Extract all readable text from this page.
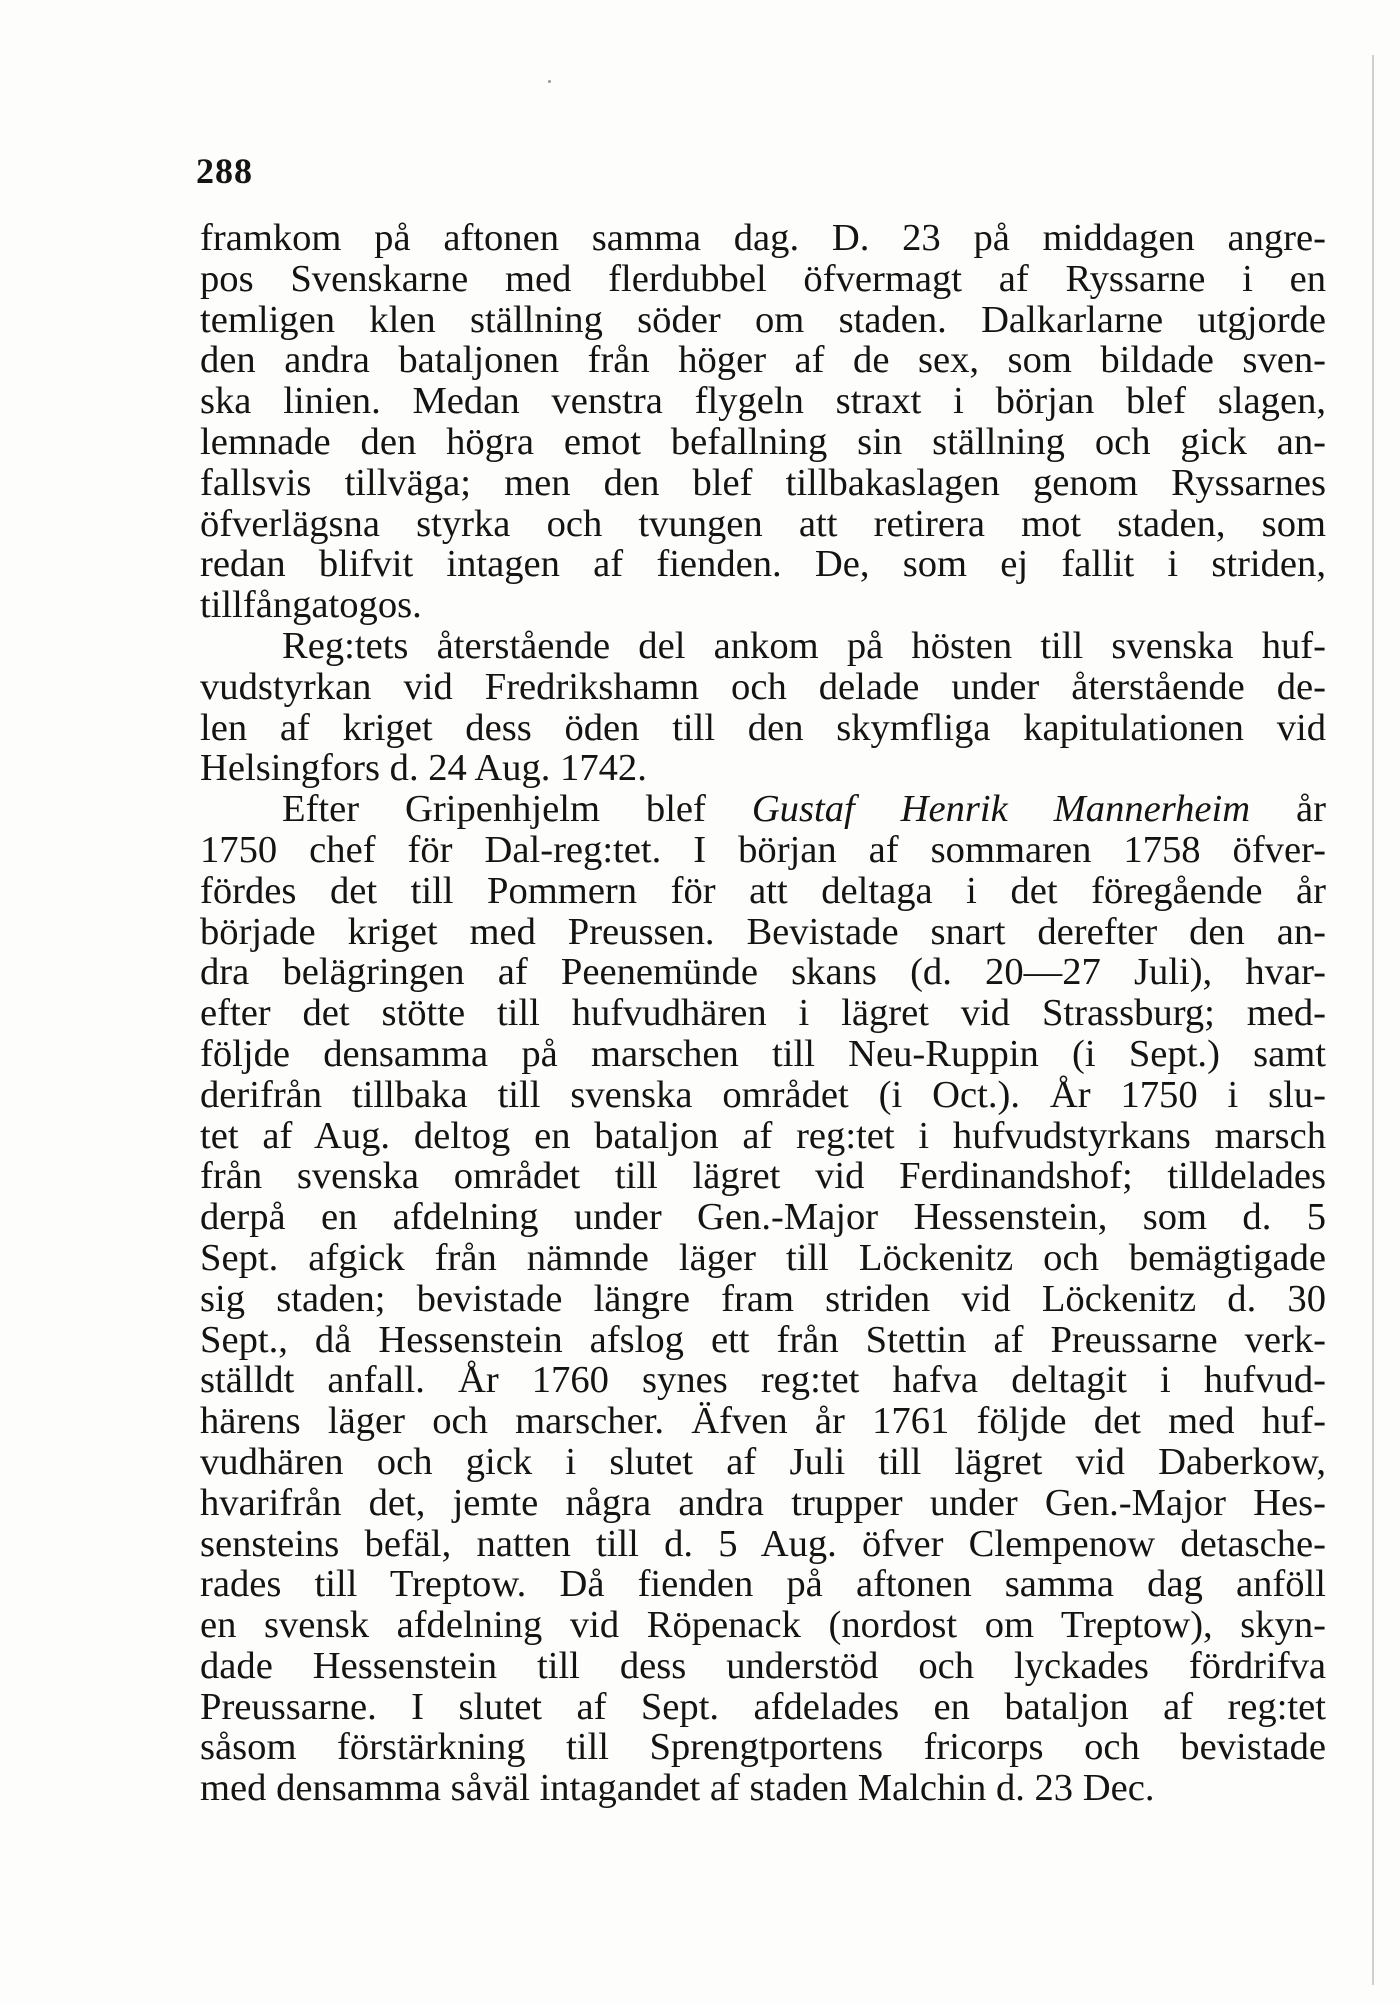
288
framkom på aftonen samma dag. D. 23 på middagen angre-
pos Svenskarne med flerdubbel öfvermagt af Ryssarne i en
temligen klen ställning söder om staden. Dalkarlarne utgjorde
den andra bataljonen från höger af de sex, som bildade sven-
ska linien. Medan venstra flygeln straxt i början blef slagen,
lemnade den högra emot befallning sin ställning och gick an-
fallsvis tillväga; men den blef tillbakaslagen genom Ryssarnes
öfverlägsna styrka och tvungen att retirera mot staden, som
redan blifvit intagen af fienden. De, som ej fallit i striden,
tillfångatogos.
Reg:tets återstående del ankom på hösten till svenska huf-
vudstyrkan vid Fredrikshamn och delade under återstående de-
len af kriget dess öden till den skymfliga kapitulationen vid
Helsingfors d. 24 Aug. 1742.
Efter Gripenhjelm blef Gustaf Henrik Mannerheim år
1750 chef för Dal-reg:tet. I början af sommaren 1758 öfver-
fördes det till Pommern för att deltaga i det föregående år
började kriget med Preussen. Bevistade snart derefter den an-
dra belägringen af Peenemünde skans (d. 20—27 Juli), hvar-
efter det stötte till hufvudhären i lägret vid Strassburg; med-
följde densamma på marschen till Neu-Ruppin (i Sept.) samt
derifrån tillbaka till svenska området (i Oct.). År 1750 i slu-
tet af Aug. deltog en bataljon af reg:tet i hufvudstyrkans marsch
från svenska området till lägret vid Ferdinandshof; tilldelades
derpå en afdelning under Gen.-Major Hessenstein, som d. 5
Sept. afgick från nämnde läger till Löckenitz och bemägtigade
sig staden; bevistade längre fram striden vid Löckenitz d. 30
Sept., då Hessenstein afslog ett från Stettin af Preussarne verk-
ställdt anfall. År 1760 synes reg:tet hafva deltagit i hufvud-
härens läger och marscher. Äfven år 1761 följde det med huf-
vudhären och gick i slutet af Juli till lägret vid Daberkow,
hvarifrån det, jemte några andra trupper under Gen.-Major Hes-
sensteins befäl, natten till d. 5 Aug. öfver Clempenow detasche-
rades till Treptow. Då fienden på aftonen samma dag anföll
en svensk afdelning vid Röpenack (nordost om Treptow), skyn-
dade Hessenstein till dess understöd och lyckades fördrifva
Preussarne. I slutet af Sept. afdelades en bataljon af reg:tet
såsom förstärkning till Sprengtportens fricorps och bevistade
med densamma såväl intagandet af staden Malchin d. 23 Dec.
